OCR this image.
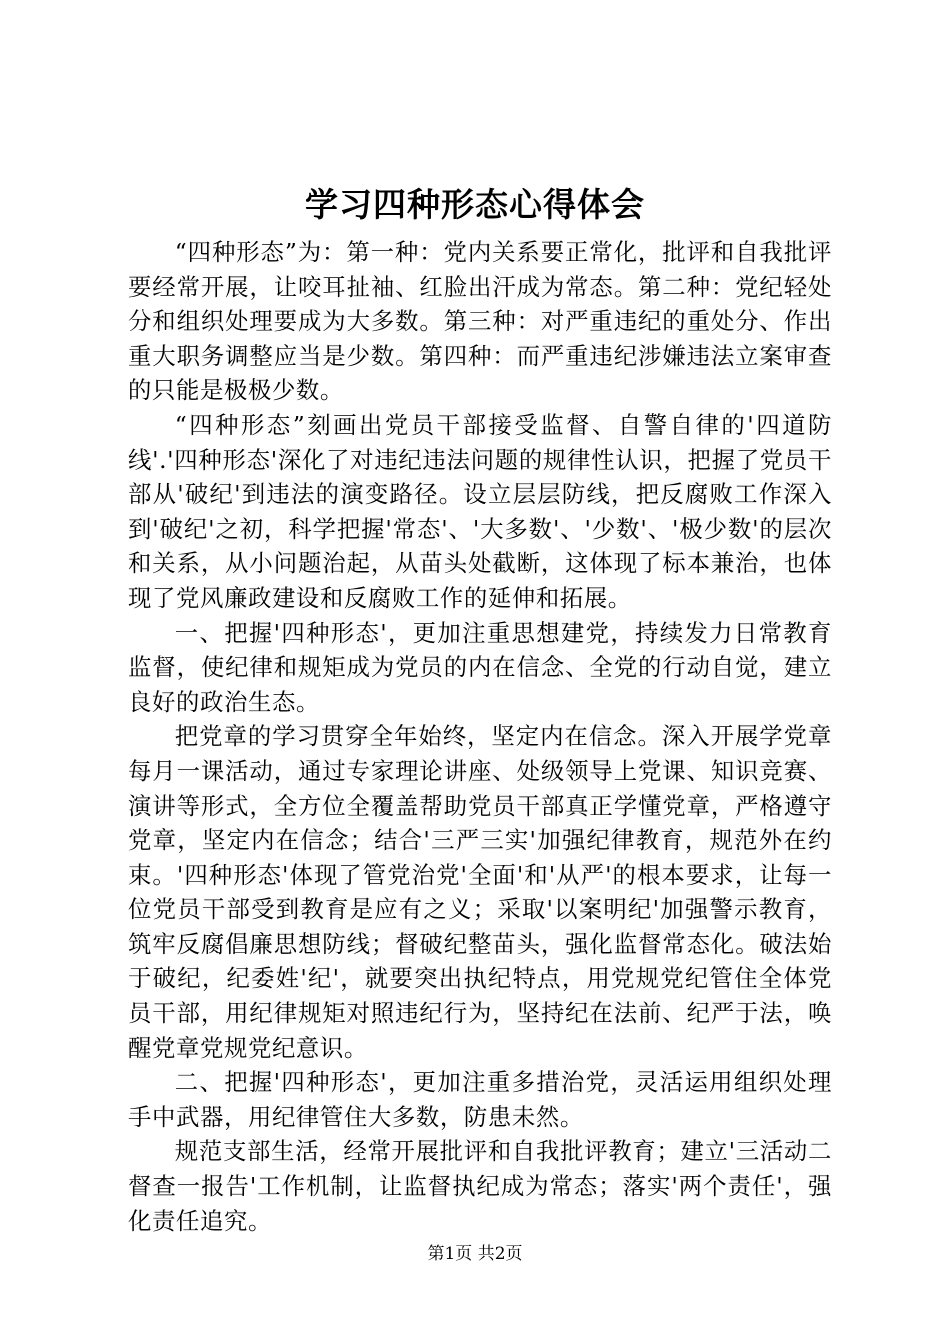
学习四种形态心得体会

“四种形态”为：第一种：党内关系要正常化，批评和自我批评要经常开展，让咬耳扯袖、红脸出汗成为常态。第二种：党纪轻处分和组织处理要成为大多数。第三种：对严重违纪的重处分、作出重大职务调整应当是少数。第四种：而严重违纪涉嫌违法立案审查的只能是极极少数。

“四种形态”刻画出党员干部接受监督、自警自律的'四道防线'.'四种形态'深化了对违纪违法问题的规律性认识，把握了党员干部从'破纪'到违法的演变路径。设立层层防线，把反腐败工作深入到'破纪'之初，科学把握'常态'、'大多数'、'少数'、'极少数'的层次和关系，从小问题治起，从苗头处截断，这体现了标本兼治，也体现了党风廉政建设和反腐败工作的延伸和拓展。

一、把握'四种形态'，更加注重思想建党，持续发力日常教育监督，使纪律和规矩成为党员的内在信念、全党的行动自觉，建立良好的政治生态。

把党章的学习贯穿全年始终，坚定内在信念。深入开展学党章每月一课活动，通过专家理论讲座、处级领导上党课、知识竞赛、演讲等形式，全方位全覆盖帮助党员干部真正学懂党章，严格遵守党章，坚定内在信念；结合'三严三实'加强纪律教育，规范外在约束。'四种形态'体现了管党治党'全面'和'从严'的根本要求，让每一位党员干部受到教育是应有之义；采取'以案明纪'加强警示教育，筑牢反腐倡廉思想防线；督破纪整苗头，强化监督常态化。破法始于破纪，纪委姓'纪'，就要突出执纪特点，用党规党纪管住全体党员干部，用纪律规矩对照违纪行为，坚持纪在法前、纪严于法，唤醒党章党规党纪意识。

二、把握'四种形态'，更加注重多措治党，灵活运用组织处理手中武器，用纪律管住大多数，防患未然。

规范支部生活，经常开展批评和自我批评教育；建立'三活动二督查一报告'工作机制，让监督执纪成为常态；落实'两个责任'，强化责任追究。

第1页 共2页
